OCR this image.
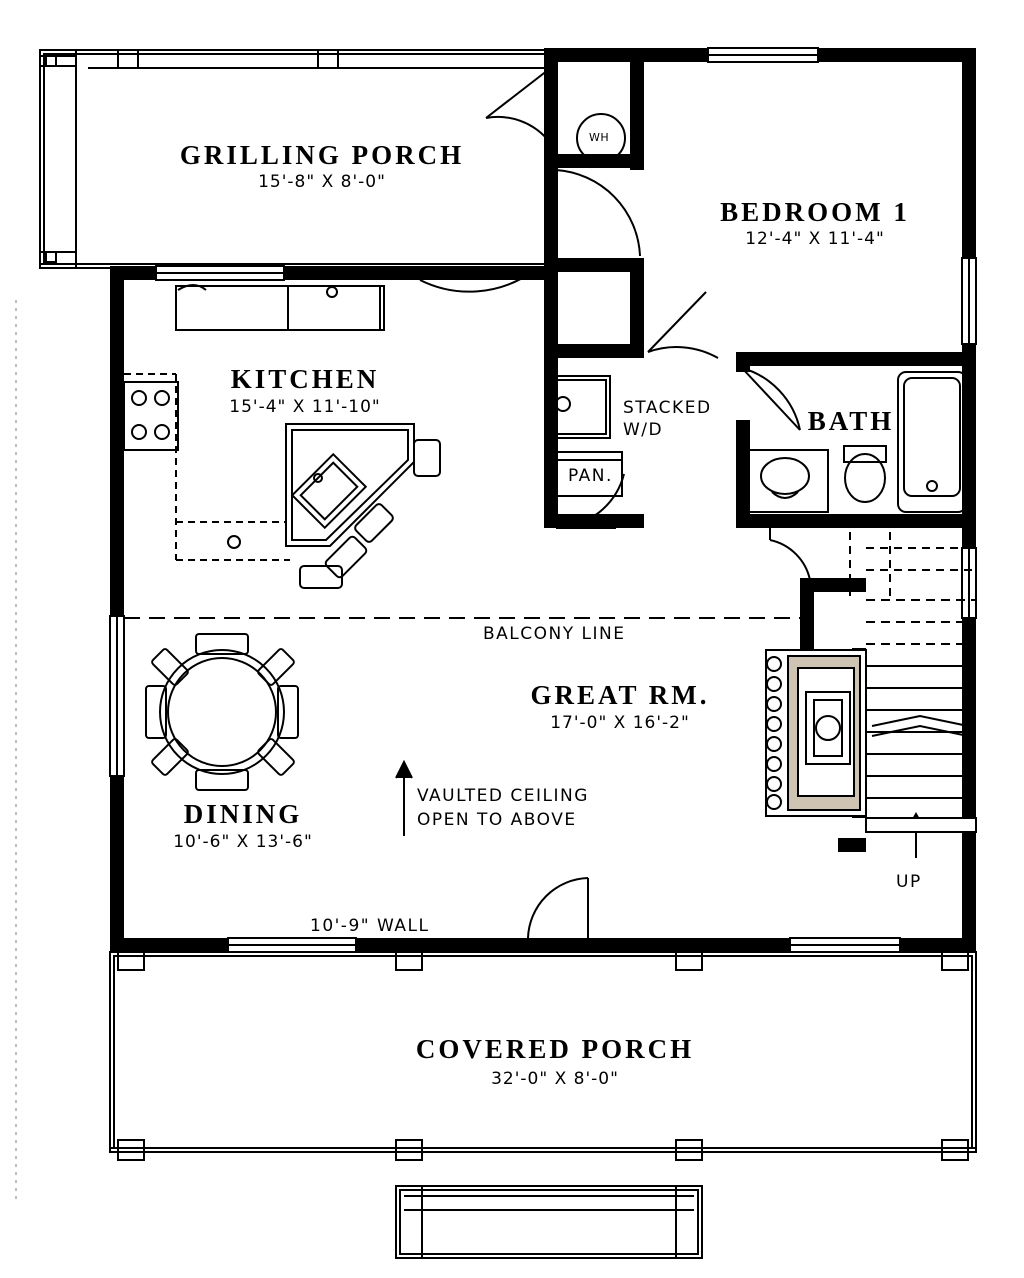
GRILLING PORCH
15'-8" X 8'-0"
BEDROOM 1
12'-4" X 11'-4"
KITCHEN
15'-4" X 11'-10"	BATH
GREAT RM.
17'-0" X 16'-2"
DINING
10'-6" X 13'-6"
COVERED PORCH
32'-0" X 8'-0"
STACKED
W/D
PAN.
BALCONY LINE
VAULTED CEILING
OPEN TO ABOVE
10'-9" WALL
UP
WH
